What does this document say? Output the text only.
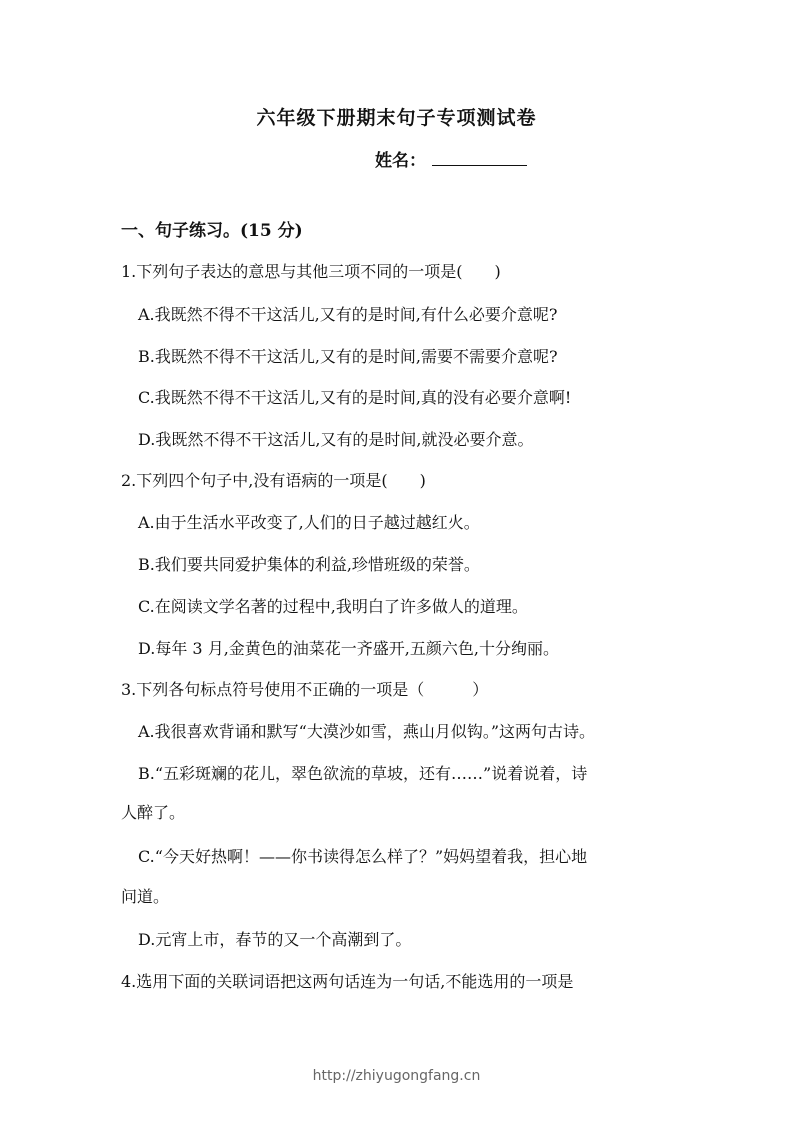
六年级下册期末句子专项测试卷
姓名：
一、句子练习。(15 分)
1.下列句子表达的意思与其他三项不同的一项是(　　)
A.我既然不得不干这活儿,又有的是时间,有什么必要介意呢?
B.我既然不得不干这活儿,又有的是时间,需要不需要介意呢?
C.我既然不得不干这活儿,又有的是时间,真的没有必要介意啊!
D.我既然不得不干这活儿,又有的是时间,就没必要介意。
2.下列四个句子中,没有语病的一项是(　　)
A.由于生活水平改变了,人们的日子越过越红火。
B.我们要共同爱护集体的利益,珍惜班级的荣誉。
C.在阅读文学名著的过程中,我明白了许多做人的道理。
D.每年 3 月,金黄色的油菜花一齐盛开,五颜六色,十分绚丽。
3.下列各句标点符号使用不正确的一项是（　　　）
A.我很喜欢背诵和默写“大漠沙如雪，燕山月似钩。”这两句古诗。
B.“五彩斑斓的花儿，翠色欲流的草坡，还有……”说着说着，诗
人醉了。
C.“今天好热啊！——你书读得怎么样了？”妈妈望着我，担心地
问道。
D.元宵上市，春节的又一个高潮到了。
4.选用下面的关联词语把这两句话连为一句话,不能选用的一项是
http://zhiyugongfang.cn
